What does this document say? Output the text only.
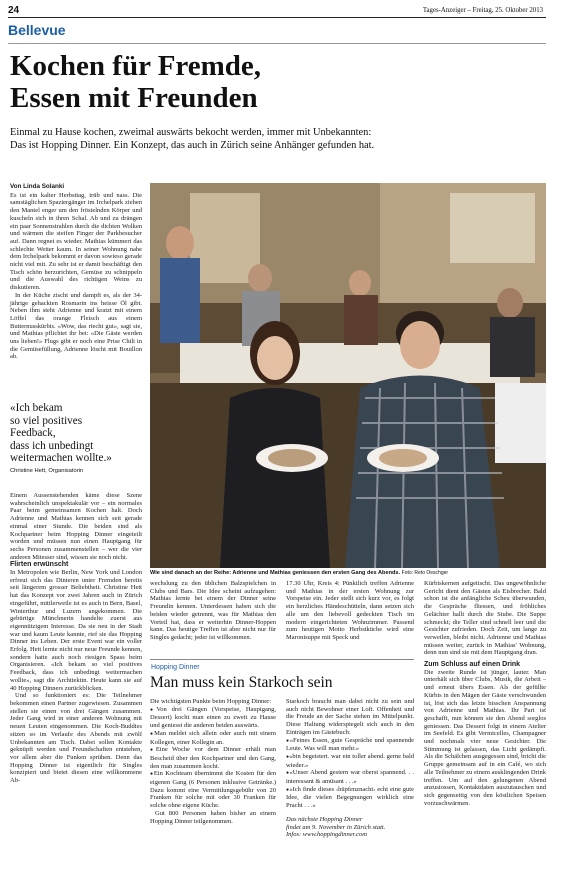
24	Tages-Anzeiger – Freitag, 25. Oktober 2013
Bellevue
Kochen für Fremde,
Essen mit Freunden
Einmal zu Hause kochen, zweimal auswärts bekocht werden, immer mit Unbekannten:
Das ist Hopping Dinner. Ein Konzept, das auch in Zürich seine Anhänger gefunden hat.

Von Linda Solanki

Es ist ein kalter Herbsttag, trüb und nass. Die samstäglichen Spaziergänger im Irchelpark ziehen den Mantel enger um den fröstelnden Körper und kuscheln sich in ihren Schal. Ab und zu drängen ein paar Sonnenstrahlen durch die dichten Wolken und wärmen die steifen Finger der Parkbesucher auf. Dann regnet es wieder. Mathias kümmert das schlechte Wetter kaum. In seiner Wohnung nahe dem Irchelpark bekommt er davon sowieso gerade nicht viel mit. Zu sehr ist er damit beschäftigt den Tisch schön herzurichten, Gemüse zu schnippeln und die Auswahl des richtigen Weins zu diskutieren.

In der Küche zischt und dampft es, als der 34-jährige gehackten Rosmarin ins heisse Öl gibt. Neben ihm steht Adrienne und kratzt mit einem Löffel das orange Fleisch aus einem Butternusskürbis. «Wow, das riecht gut», sagt sie, und Mathias pflichtet ihr bei: «Die Gäste werden uns lieben!» Flugs gibt er noch eine Prise Chili in die Gemüsefüllung, Adrienne löscht mit Bouillon ab.

«Ich bekam
so viel positives
Feedback,
dass ich unbedingt
weitermachen wollte.»
Christine Hett, Organisatorin

Einem Aussenstehenden käme diese Szene wahrscheinlich unspektakulär vor – ein normales Paar beim gemeinsamen Kochen halt. Doch Adrienne und Mathias kennen sich seit gerade einmal einer Stunde. Die beiden sind als Kochpartner beim Hopping Dinner eingeteilt worden und müssen nun einen Hauptgang für sechs Personen zusammenstellen – wer die vier anderen Mitesser sind, wissen sie noch nicht.

Flirten erwünscht

In Metropolen wie Berlin, New York und London erfreut sich das Dinieren unter Fremden bereits seit längerem grosser Beliebtheit. Christine Hett hat das Konzept vor zwei Jahren auch in Zürich eingeführt, mittlerweile ist es auch in Bern, Basel, Winterthur und Luzern angekommen. Die gebürtige Münchnerin handelte zuerst aus eigennützigem Interesse. Da sie neu in der Stadt war und kaum Leute kannte, rief sie das Hopping Dinner ins Leben. Der erste Event war ein voller Erfolg. Hett lernte nicht nur neue Freunde kennen, sondern hatte auch noch riesigen Spass beim Organisieren. «Ich bekam so viel positives Feedback, dass ich unbedingt weitermachen wollte», sagt die Architektin. Heute kann sie auf 40 Hopping Dinners zurückblicken.

Und so funktioniert es: Die Teilnehmer bekommen einen Partner zugewiesen. Zusammen stellen sie einen von drei Gängen zusammen. Jeder Gang wird in einer anderen Wohnung mit neuen Leuten eingenommen. Die Koch-Buddies sitzen so im Verlaufe des Abends mit zwölf Unbekannten am Tisch. Dabei sollen Kontakte geknüpft werden und Freundschaften entstehen, vor allem aber die Funken sprühen. Denn das Hopping Dinner ist eigentlich für Singles konzipiert und bietet diesen eine willkommene Ab-

Wie sind danach an der Reihe: Adrienne und Mathias geniessen den ersten Gang des Abends. Foto: Reto Oeschger

wechslung zu den üblichen Balzspielchen in Clubs und Bars. Die Idee scheint aufzugehen: Mathias lernte bei einem der Dinner seine Freundin kennen. Unterdessen haben sich die beiden wieder getrennt, was für Mathias den Vorteil hat, dass er weiterhin Dinner-Hoppen kann. Das heutige Treffen ist aber nicht nur für Singles gedacht; jeder ist willkommen.

17.30 Uhr, Kreis 4: Pünktlich treffen Adrienne und Mathias in der ersten Wohnung zur Vorspeise ein. Jeder stellt sich kurz vor, es folgt ein herzliches Händeschütteln, dann setzen sich alle um den liebevoll gedeckten Tisch im modern eingerichteten Wohnzimmer. Passend zum heutigen Motto Herbstküche wird eine Maronisuppe mit Speck und

Kürbiskernen aufgetischt. Das ungewöhnliche Gericht dient den Gästen als Eisbrecher. Bald schon ist die anfängliche Scheu überwunden, die Gespräche fliessen, und fröhliches Gelächter hallt durch die Stube. Die Suppe schmeckt; die Teller sind schnell leer und die Gesichter zufrieden. Doch Zeit, um lange zu verweilen, bleibt nicht. Adrienne und Mathias müssen weiter, zurück in Mathias' Wohnung, denn nun sind sie mit dem Hauptgang dran.

Zum Schluss auf einen Drink

Die zweite Runde ist jünger, lauter. Man unterhält sich über Clubs, Musik, die Arbeit – und erneut übers Essen. Als der gefüllte Kürbis in den Mägen der Gäste verschwunden ist, löst sich das letzte bisschen Anspannung von Adrienne und Mathias. Ihr Part ist geschafft, nun können sie den Abend sorglos geniessen. Das Dessert folgt in einem Atelier im Seefeld. Es gibt Vermicelles, Champagner und nochmals vier neue Gesichter. Die Stimmung ist gelassen, das Licht gedämpft. Als die Schälchen ausgegessen sind, bricht die Gruppe gemeinsam auf in ein Café, wo sich alle Teilnehmer zu einem ausklingenden Drink treffen. Um auf den gelungenen Abend anzustossen, Kontaktdaten auszutauschen und sich gegenseitig von den köstlichen Speisen vorzuschwärmen.

Hopping Dinner
Man muss kein Starkoch sein

Die wichtigsten Punkte beim Hopping Dinner:

● Von drei Gängen (Vorspeise, Hauptgang, Dessert) kocht man einen zu zweit zu Hause und geniesst die anderen beiden auswärts.

● Man meldet sich allein oder auch mit einem Kollegen, einer Kollegin an.

● Eine Woche vor dem Dinner erhält man Bescheid über den Kochpartner und den Gang, den man zusammen kocht.

● Ein Kochteam übernimmt die Kosten für den eigenen Gang (6 Personen inklusive Getränke.) Dazu kommt eine Vermittlungsgebühr von 20 Franken für solche mit oder 30 Franken für solche ohne eigene Küche.

Gut 800 Personen haben bisher an einem Hopping Dinner teilgenommen.

Starkoch braucht man dabei nicht zu sein und auch nicht Bewohner einer Loft. Offenheit und die Freude an der Sache stehen im Mittelpunkt. Diese Haltung widerspiegelt sich auch in den Einträgen im Gästebuch:

● «Feines Essen, gute Gespräche und spannende Leute. Was will man mehr.»

● «bin begeistert. war ein toller abend. gerne bald wieder.»

● «Unser Abend gestern war oberst spannend. . . interessant & amüsant . . .»

● «Ich finde dieses ‹hüpfenznacht› echt eine gute Idee, die vielen Begegnungen wirklich eine Pracht . . .»

Das nächste Hopping Dinner
findet am 9. November in Zürich statt.
Infos: www.hoppingdinner.com
